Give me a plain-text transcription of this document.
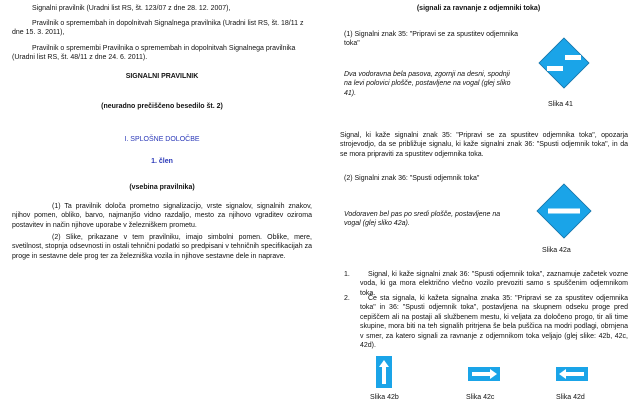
Signalni pravilnik (Uradni list RS, št. 123/07 z dne 28. 12. 2007),

Pravilnik o spremembah in dopolnitvah Signalnega pravilnika (Uradni list RS, št. 18/11 z dne 15. 3. 2011),

Pravilnik o spremembi Pravilnika o spremembah in dopolnitvah Signalnega pravilnika (Uradni list RS, št. 48/11 z dne 24. 6. 2011).

SIGNALNI PRAVILNIK

(neuradno prečiščeno besedilo št. 2)

I. SPLOŠNE DOLOČBE

1. člen

(vsebina pravilnika)

(1) Ta pravilnik določa prometno signalizacijo, vrste signalov, signalnih znakov, njihov pomen, obliko, barvo, najmanjšo vidno razdaljo, mesto za njihovo vgraditev oziroma postavitev in način njihove uporabe v železniškem prometu.

(2) Slike, prikazane v tem pravilniku, imajo simbolni pomen. Oblike, mere, svetilnost, stopnja odsevnosti in ostali tehnični podatki so predpisani v tehničnih specifikacijah za proge in sestavne dele prog ter za železniška vozila in njihove sestavne dele in naprave.

(signali za ravnanje z odjemniki toka)

(1) Signalni znak 35: "Pripravi se za spustitev odjemnika toka"

Dva vodoravna bela pasova, zgornji na desni, spodnji na levi polovici plošče, postavljene na vogal (glej sliko 41).

Slika 41

Signal, ki kaže signalni znak 35: "Pripravi se za spustitev odjemnika toka", opozarja strojevodjo, da se približuje signalu, ki kaže signalni znak 36: "Spusti odjemnik toka", in da se mora pripraviti za spustitev odjemnika toka.

(2) Signalni znak 36: "Spusti odjemnik toka"

Vodoraven bel pas po sredi plošče, postavljene na vogal (glej sliko 42a).

Slika 42a

1.	Signal, ki kaže signalni znak 36: "Spusti odjemnik toka", zaznamuje začetek vozne voda, ki ga mora električno vlečno vozilo prevoziti samo s spuščenim odjemnikom toka.

2.	Če sta signala, ki kažeta signalna znaka 35: "Pripravi se za spustitev odjemnika toka" in 36: "Spusti odjemnik toka", postavljena na skupnem odseku proge pred cepiščem ali na postaji ali službenem mestu, ki veljata za določeno progo, tir ali time skupine, mora biti na teh signalih pritrjena še bela puščica na modri podlagi, obrnjena v smer, za katero signali za ravnanje z odjemnikom toka veljajo (glej slike: 42b, 42c, 42d).

Slika 42b	Slika 42c	Slika 42d
